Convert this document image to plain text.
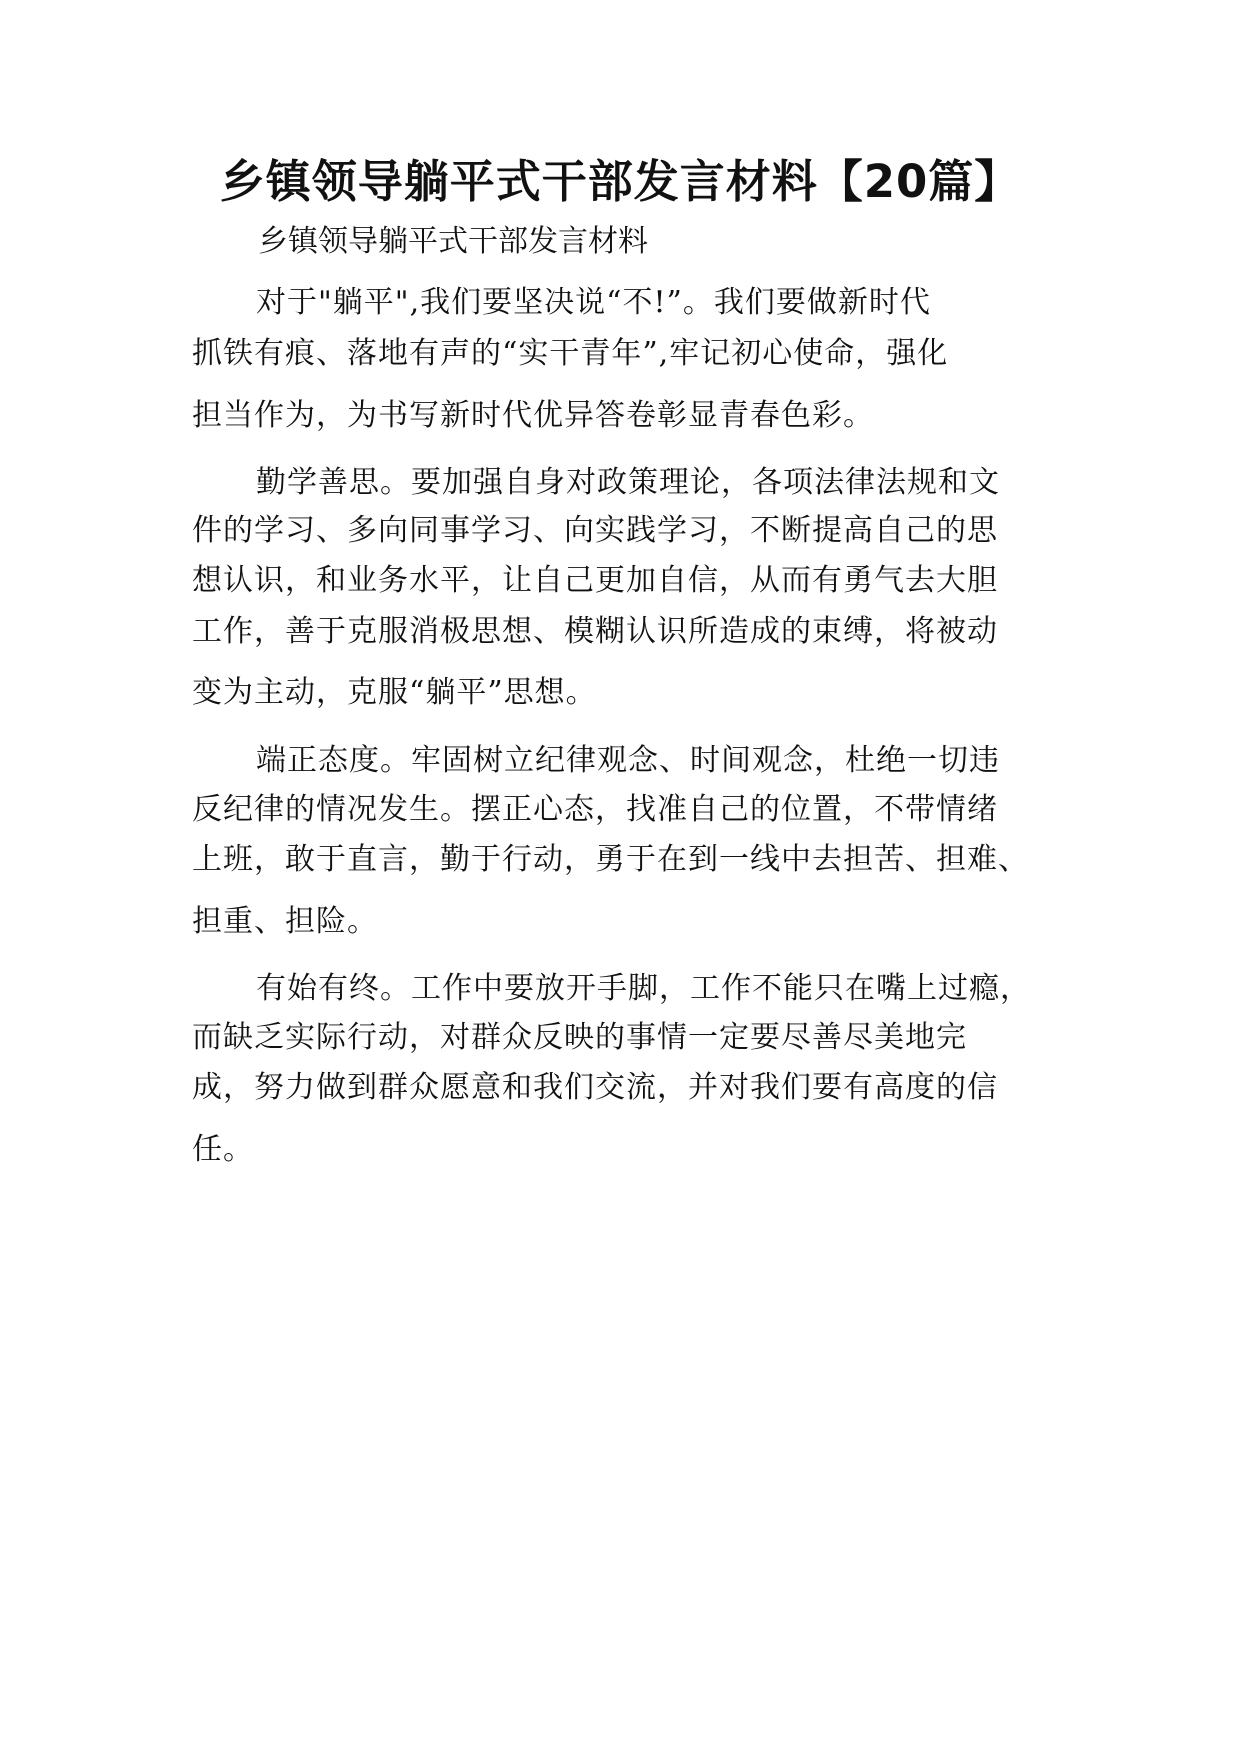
乡镇领导躺平式干部发言材料【20篇】

乡镇领导躺平式干部发言材料

对于"躺平",我们要坚决说“不!”。我们要做新时代

抓铁有痕、落地有声的“实干青年”,牢记初心使命，强化

担当作为，为书写新时代优异答卷彰显青春色彩。

勤学善思。要加强自身对政策理论，各项法律法规和文

件的学习、多向同事学习、向实践学习，不断提高自己的思

想认识，和业务水平，让自己更加自信，从而有勇气去大胆

工作，善于克服消极思想、模糊认识所造成的束缚，将被动

变为主动，克服“躺平”思想。

端正态度。牢固树立纪律观念、时间观念，杜绝一切违

反纪律的情况发生。摆正心态，找准自己的位置，不带情绪

上班，敢于直言，勤于行动，勇于在到一线中去担苦、担难、

担重、担险。

有始有终。工作中要放开手脚，工作不能只在嘴上过瘾，

而缺乏实际行动，对群众反映的事情一定要尽善尽美地完

成，努力做到群众愿意和我们交流，并对我们要有高度的信

任。
